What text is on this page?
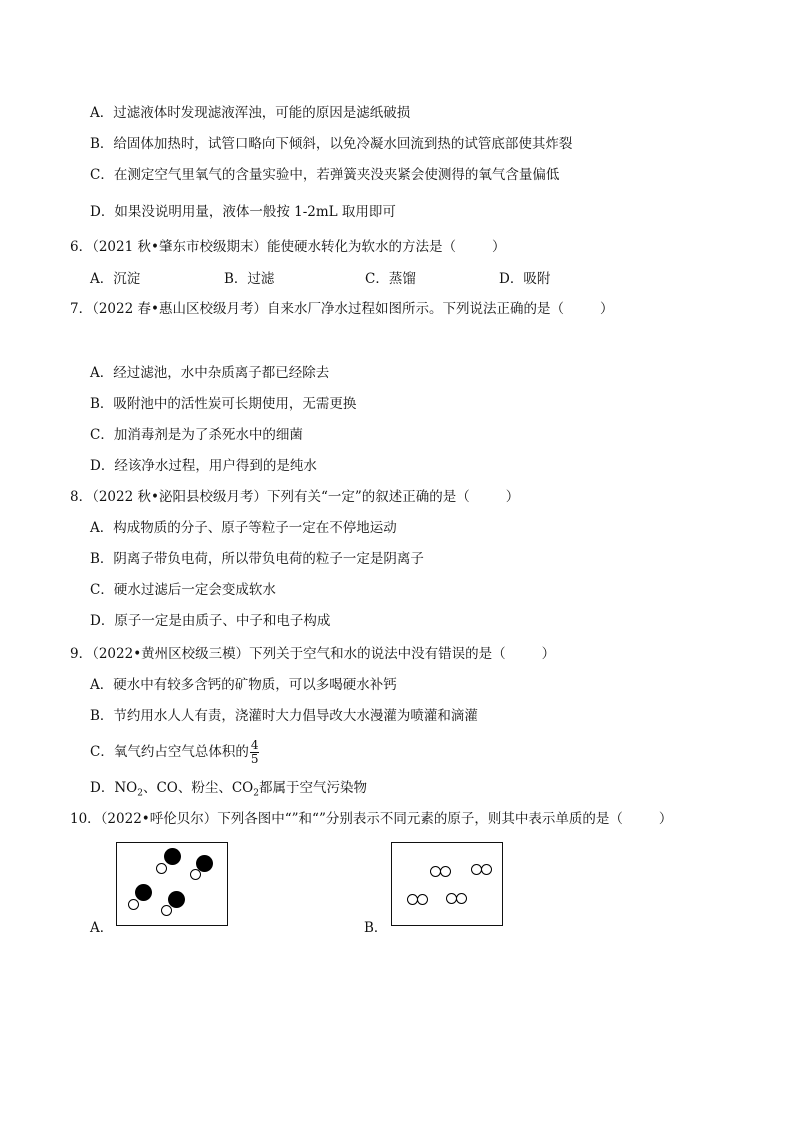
A．过滤液体时发现滤液浑浊，可能的原因是滤纸破损
B．给固体加热时，试管口略向下倾斜，以免冷凝水回流到热的试管底部使其炸裂
C．在测定空气里氧气的含量实验中，若弹簧夹没夹紧会使测得的氧气含量偏低
D．如果没说明用量，液体一般按 1-2mL 取用即可
6．（2021 秋•肇东市校级期末）能使硬水转化为软水的方法是（	）
A．沉淀	B．过滤	C．蒸馏	D．吸附
7．（2022 春•惠山区校级月考）自来水厂净水过程如图所示。下列说法正确的是（	）
A．经过滤池，水中杂质离子都已经除去
B．吸附池中的活性炭可长期使用，无需更换
C．加消毒剂是为了杀死水中的细菌
D．经该净水过程，用户得到的是纯水
8．（2022 秋•泌阳县校级月考）下列有关“一定”的叙述正确的是（	）
A．构成物质的分子、原子等粒子一定在不停地运动
B．阴离子带负电荷，所以带负电荷的粒子一定是阴离子
C．硬水过滤后一定会变成软水
D．原子一定是由质子、中子和电子构成
9．（2022•黄州区校级三模）下列关于空气和水的说法中没有错误的是（	）
A．硬水中有较多含钙的矿物质，可以多喝硬水补钙
B．节约用水人人有责，浇灌时大力倡导改大水漫灌为喷灌和滴灌
C．氧气约占空气总体积的 $\frac{4}{5}$
D．$NO_2$、CO、粉尘、$CO_2$都属于空气污染物
10．（2022•呼伦贝尔）下列各图中“”和“”分别表示不同元素的原子，则其中表示单质的是（	）
A．	B．
